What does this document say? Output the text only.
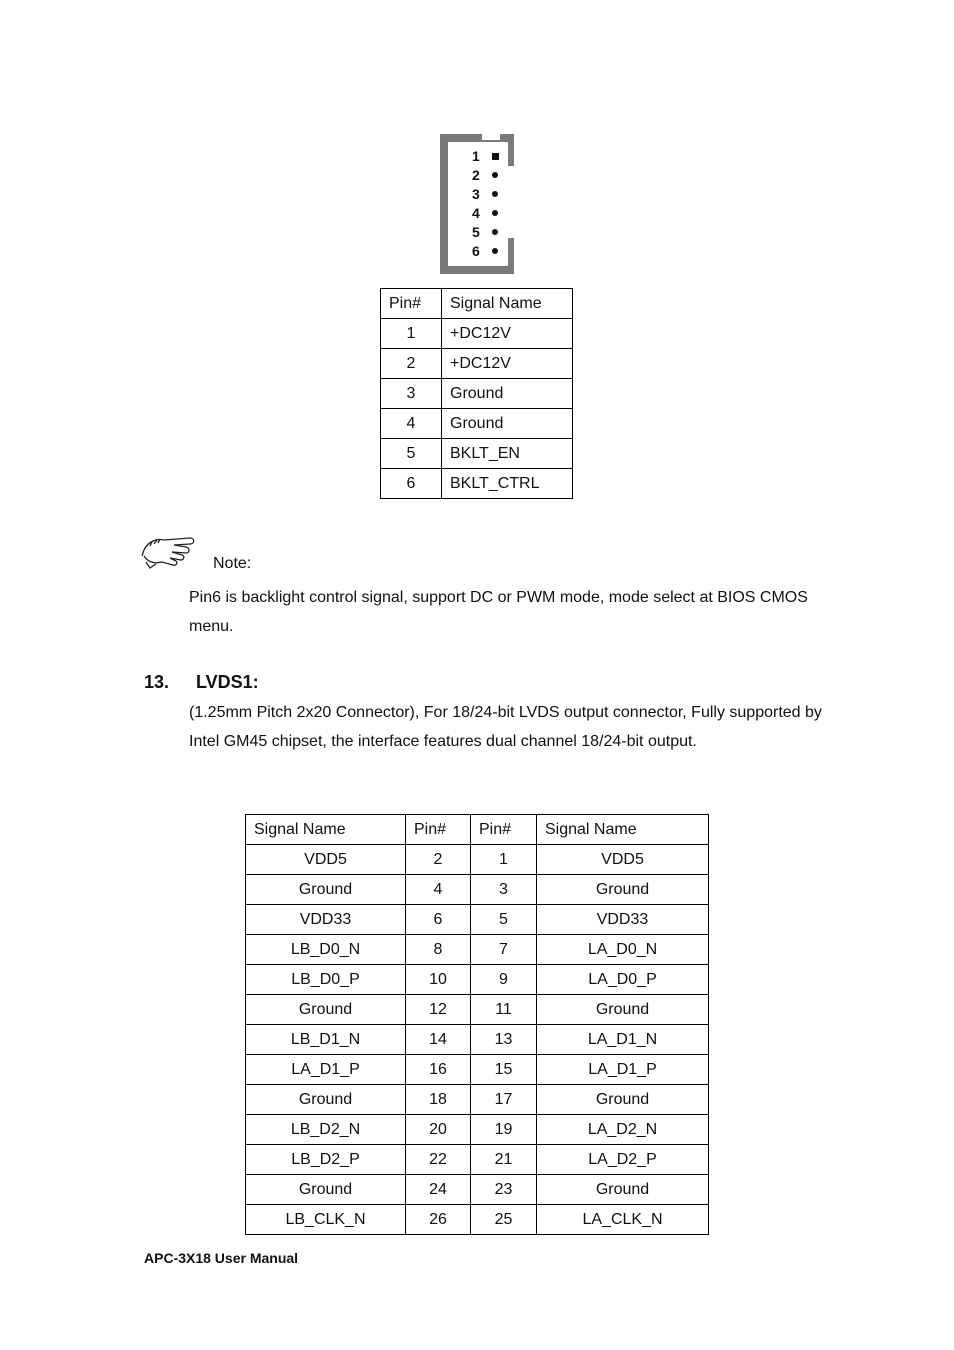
1
2
3
4
5
6
Pin#	Signal Name
1	+DC12V
2	+DC12V
3	Ground
4	Ground
5	BKLT_EN
6	BKLT_CTRL
Note:
Pin6 is backlight control signal, support DC or PWM mode, mode select at BIOS CMOS menu.
13. LVDS1:
(1.25mm Pitch 2x20 Connector), For 18/24-bit LVDS output connector, Fully supported by Intel GM45 chipset, the interface features dual channel 18/24-bit output.
Signal Name	Pin#	Pin#	Signal Name
VDD5	2	1	VDD5
Ground	4	3	Ground
VDD33	6	5	VDD33
LB_D0_N	8	7	LA_D0_N
LB_D0_P	10	9	LA_D0_P
Ground	12	11	Ground
LB_D1_N	14	13	LA_D1_N
LA_D1_P	16	15	LA_D1_P
Ground	18	17	Ground
LB_D2_N	20	19	LA_D2_N
LB_D2_P	22	21	LA_D2_P
Ground	24	23	Ground
LB_CLK_N	26	25	LA_CLK_N
APC-3X18 User Manual
